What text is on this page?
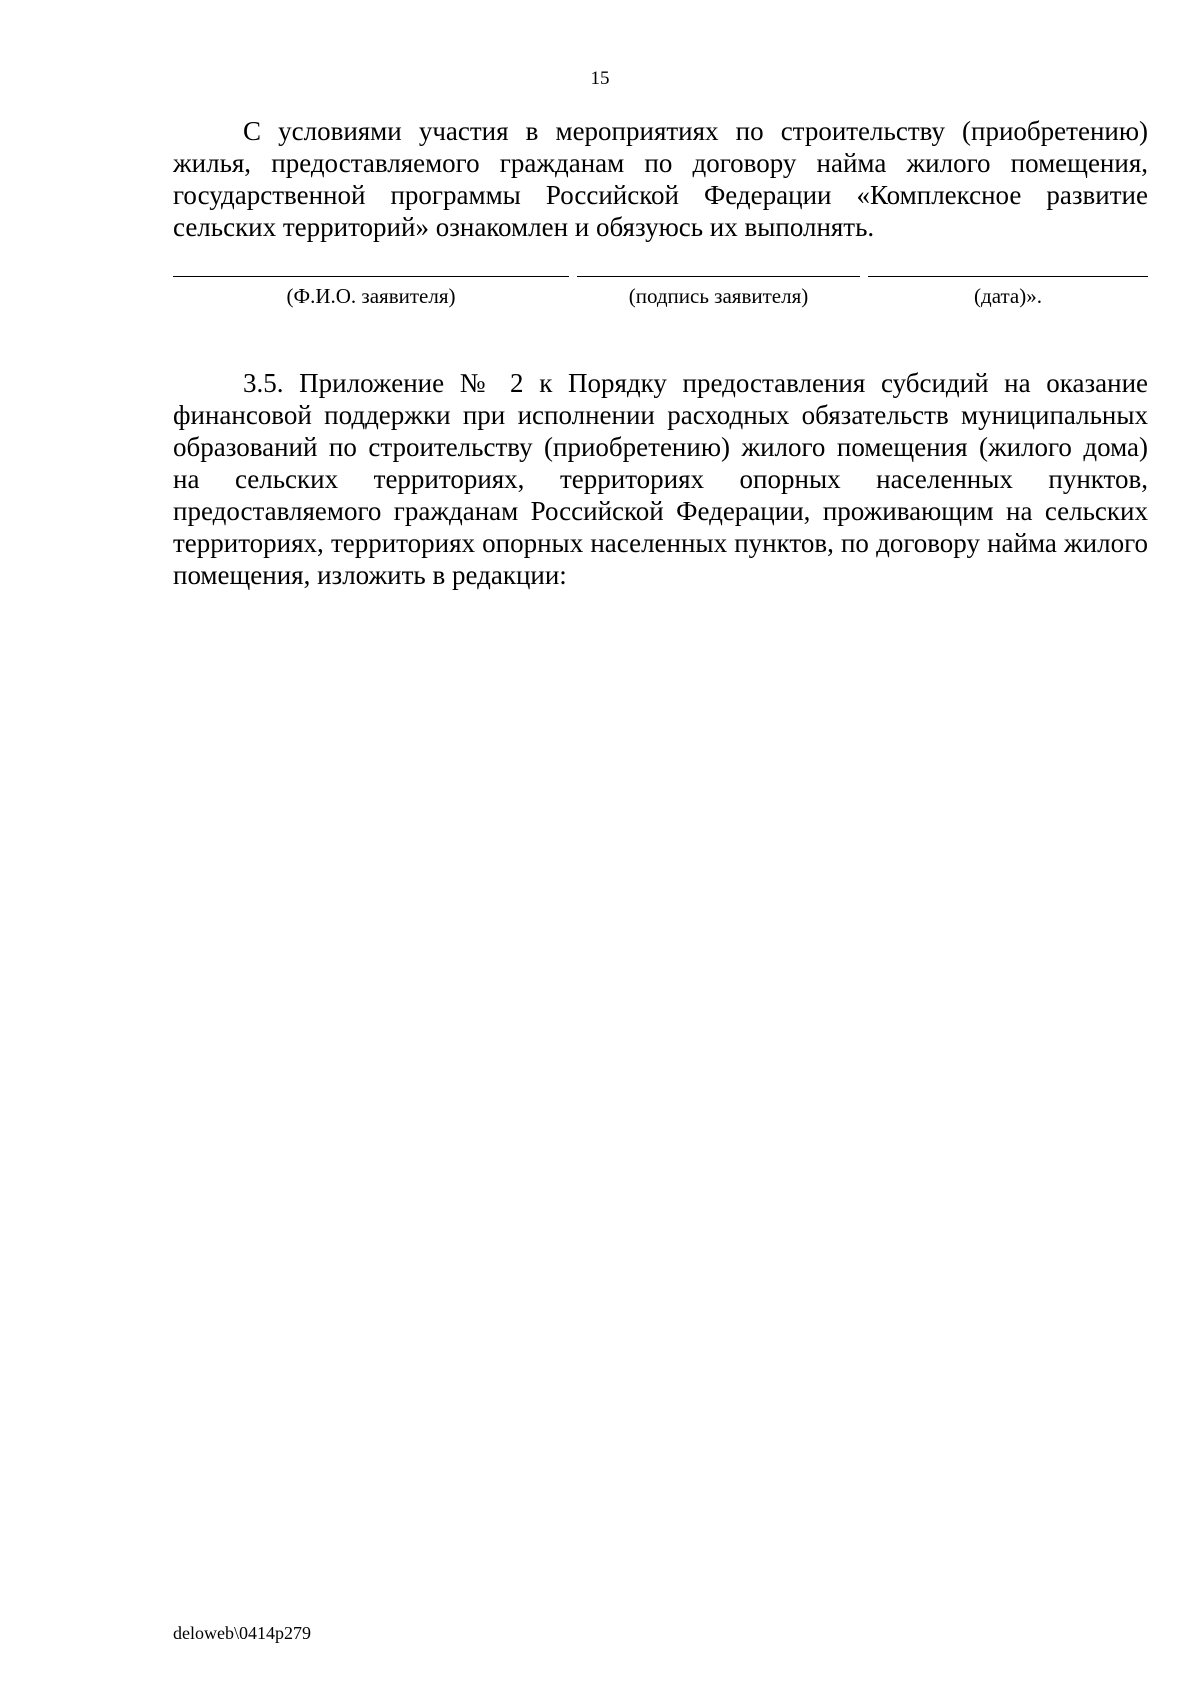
15

С условиями участия в мероприятиях по строительству (приобретению) жилья, предоставляемого гражданам по договору найма жилого помещения, государственной программы Российской Федерации «Комплексное развитие сельских территорий» ознакомлен и обязуюсь их выполнять.

(Ф.И.О. заявителя)	(подпись заявителя)	(дата)».

3.5. Приложение № 2 к Порядку предоставления субсидий на оказание финансовой поддержки при исполнении расходных обязательств муниципальных образований по строительству (приобретению) жилого помещения (жилого дома) на сельских территориях, территориях опорных населенных пунктов, предоставляемого гражданам Российской Федерации, проживающим на сельских территориях, территориях опорных населенных пунктов, по договору найма жилого помещения, изложить в редакции:

deloweb\0414p279
